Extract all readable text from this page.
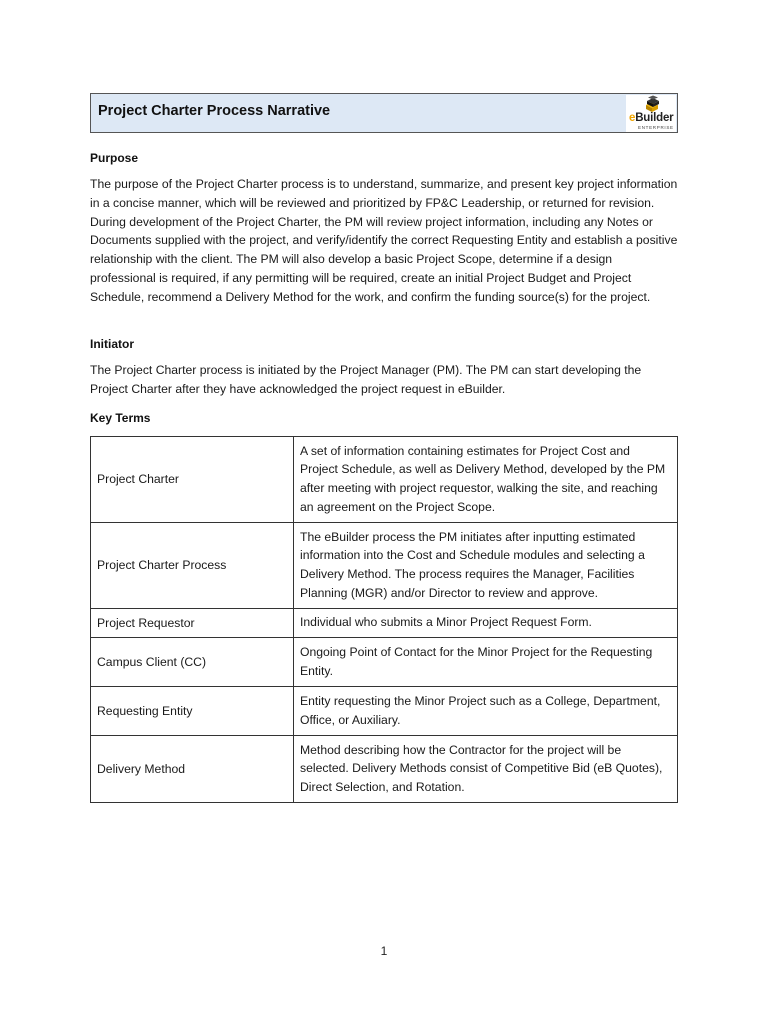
Project Charter Process Narrative	eBuilder
ENTERPRISE
Purpose

The purpose of the Project Charter process is to understand, summarize, and present key project information in a concise manner, which will be reviewed and prioritized by FP&C Leadership, or returned for revision. During development of the Project Charter, the PM will review project information, including any Notes or Documents supplied with the project, and verify/identify the correct Requesting Entity and establish a positive relationship with the client. The PM will also develop a basic Project Scope, determine if a design professional is required, if any permitting will be required, create an initial Project Budget and Project Schedule, recommend a Delivery Method for the work, and confirm the funding source(s) for the project.

Initiator

The Project Charter process is initiated by the Project Manager (PM). The PM can start developing the Project Charter after they have acknowledged the project request in eBuilder.

Key Terms
Project Charter	A set of information containing estimates for Project Cost and Project Schedule, as well as Delivery Method, developed by the PM after meeting with project requestor, walking the site, and reaching an agreement on the Project Scope.
Project Charter Process	The eBuilder process the PM initiates after inputting estimated information into the Cost and Schedule modules and selecting a Delivery Method. The process requires the Manager, Facilities Planning (MGR) and/or Director to review and approve.
Project Requestor	Individual who submits a Minor Project Request Form.
Campus Client (CC)	Ongoing Point of Contact for the Minor Project for the Requesting Entity.
Requesting Entity	Entity requesting the Minor Project such as a College, Department, Office, or Auxiliary.
Delivery Method	Method describing how the Contractor for the project will be selected. Delivery Methods consist of Competitive Bid (eB Quotes), Direct Selection, and Rotation.
1
